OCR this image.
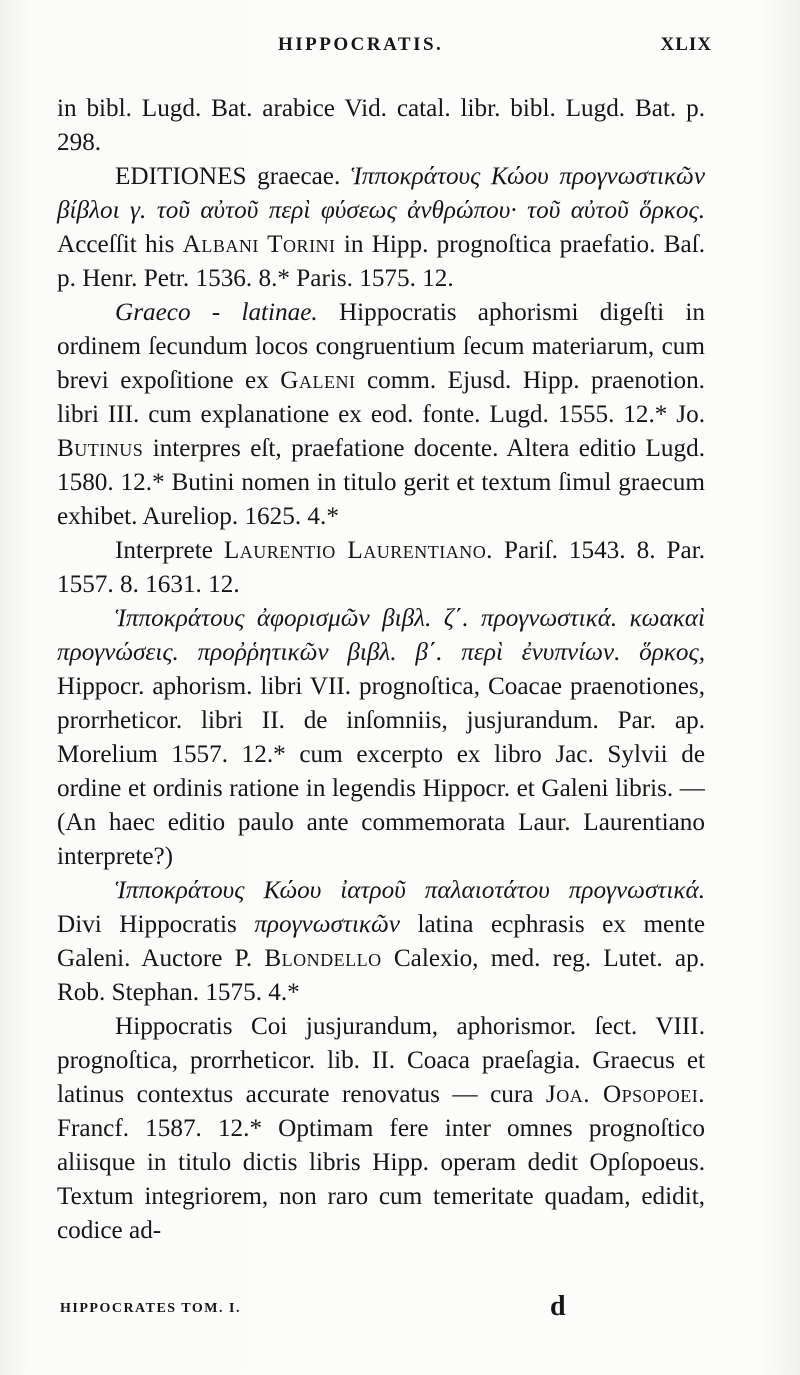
HIPPOCRATIS.	XLIX

in bibl. Lugd. Bat. arabice Vid. catal. libr. bibl. Lugd. Bat. p. 298.

EDITIONES graecae. Ἱπποκράτους Κώου προγνωστικῶν βίβλοι γ. τοῦ αὐτοῦ περὶ φύσεως ἀνθρώπου· τοῦ αὐτοῦ ὅρκος. Acceſſit his Albani Torini in Hipp. prognoſtica praefatio. Baſ. p. Henr. Petr. 1536. 8.* Paris. 1575. 12.

Graeco - latinae. Hippocratis aphorismi digeſti in ordinem ſecundum locos congruentium ſecum materiarum, cum brevi expoſitione ex Galeni comm. Ejusd. Hipp. praenotion. libri III. cum explanatione ex eod. fonte. Lugd. 1555. 12.* Jo. Butinus interpres eſt, praefatione docente. Altera editio Lugd. 1580. 12.* Butini nomen in titulo gerit et textum ſimul graecum exhibet. Aureliop. 1625. 4.*

Interprete Laurentio Laurentiano. Pariſ. 1543. 8. Par. 1557. 8. 1631. 12.

Ἱπποκράτους ἀφορισμῶν βιβλ. ζ΄. προγνωστικά. κωακαὶ προγνώσεις. προῤῥητικῶν βιβλ. β΄. περὶ ἐνυπνίων. ὅρκος, Hippocr. aphorism. libri VII. prognoſtica, Coacae praenotiones, prorrheticor. libri II. de inſomniis, jusjurandum. Par. ap. Morelium 1557. 12.* cum excerpto ex libro Jac. Sylvii de ordine et ordinis ratione in legendis Hippocr. et Galeni libris. — (An haec editio paulo ante commemorata Laur. Laurentiano interprete?)

Ἱπποκράτους Κώου ἰατροῦ παλαιοτάτου προγνωστικά. Divi Hippocratis προγνωστικῶν latina ecphrasis ex mente Galeni. Auctore P. Blondello Calexio, med. reg. Lutet. ap. Rob. Stephan. 1575. 4.*

Hippocratis Coi jusjurandum, aphorismor. ſect. VIII. prognoſtica, prorrheticor. lib. II. Coaca praeſagia. Graecus et latinus contextus accurate renovatus — cura Joa. Opsopoei. Francf. 1587. 12.* Optimam fere inter omnes prognoſtico aliisque in titulo dictis libris Hipp. operam dedit Opſopoeus. Textum integriorem, non raro cum temeritate quadam, edidit, codice ad-

HIPPOCRATES TOM. I.	d
